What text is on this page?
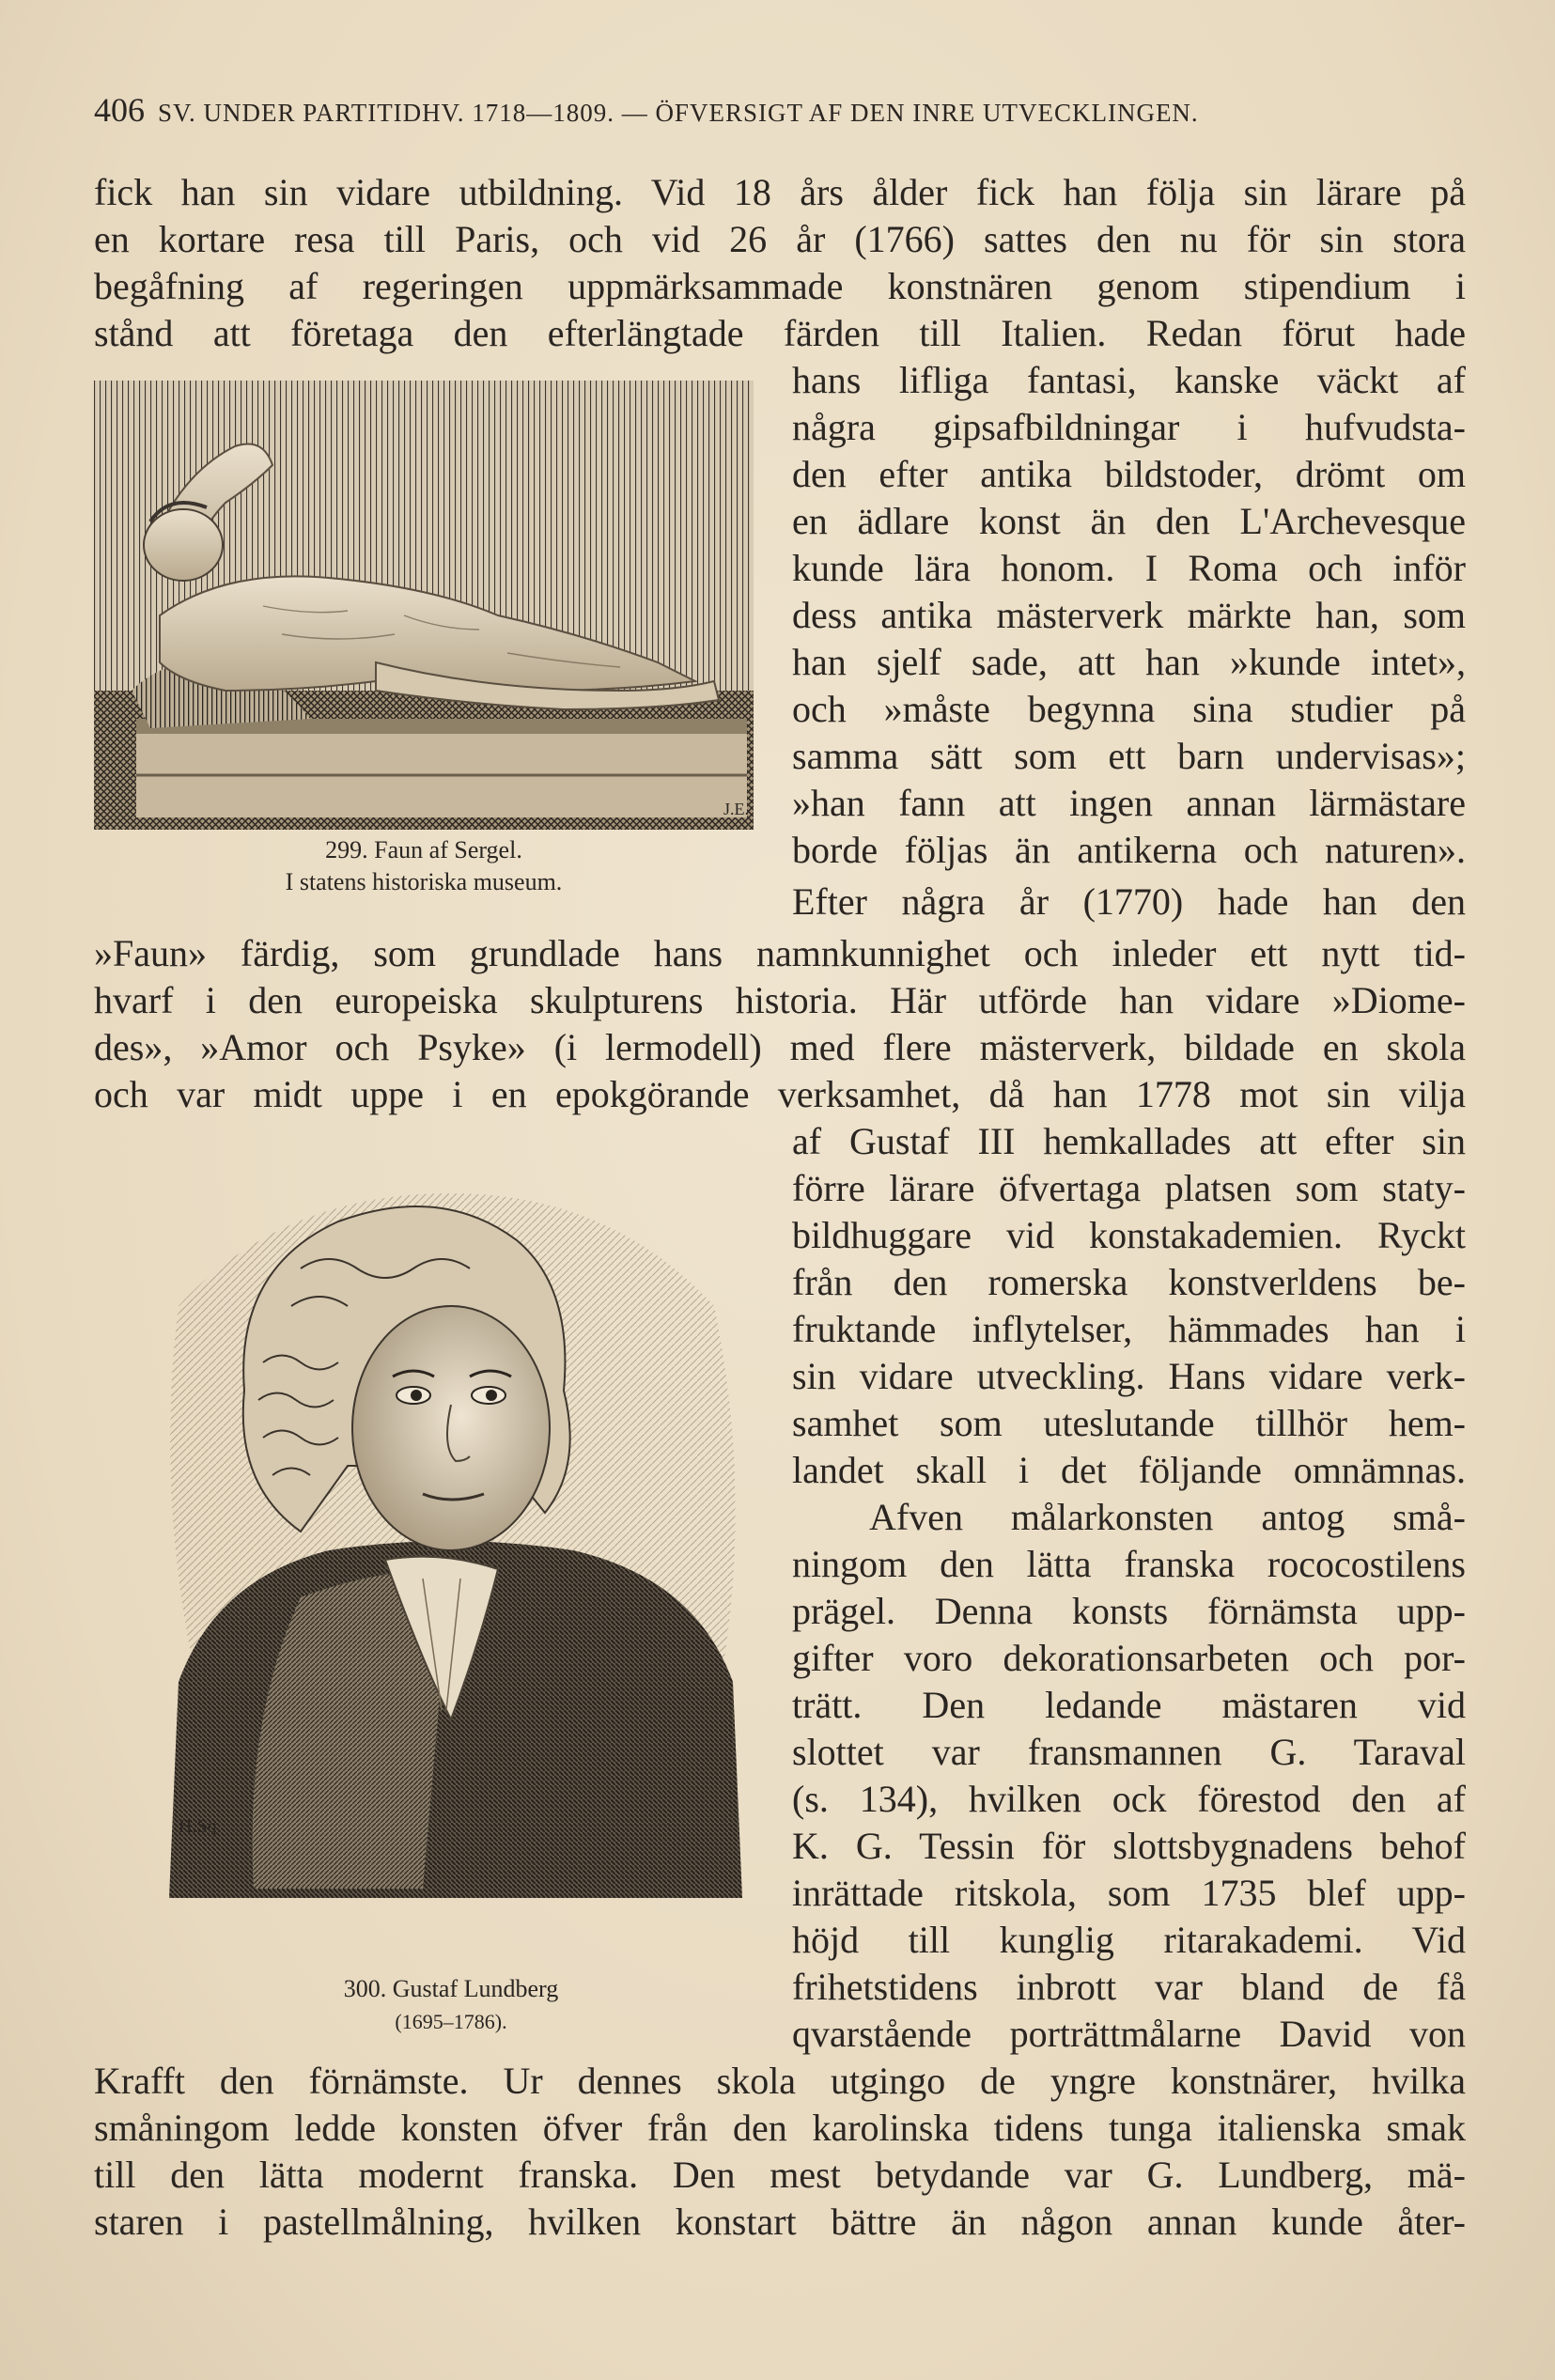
406 SV. UNDER PARTITIDHV. 1718—1809. — ÖFVERSIGT AF DEN INRE UTVECKLINGEN.
J.E.
299. Faun af Sergel.
I statens historiska museum.
H.Sq.
300. Gustaf Lundberg
(1695–1786).
fick han sin vidare utbildning. Vid 18 års ålder fick han följa sin lärare på
en kortare resa till Paris, och vid 26 år (1766) sattes den nu för sin stora
begåfning af regeringen uppmärksammade konstnären genom stipendium i
stånd att företaga den efterlängtade färden till Italien. Redan förut hade
hans lifliga fantasi, kanske väckt af
några gipsafbildningar i hufvudsta-
den efter antika bildstoder, drömt om
en ädlare konst än den L'Archevesque
kunde lära honom. I Roma och inför
dess antika mästerverk märkte han, som
han sjelf sade, att han »kunde intet»,
och »måste begynna sina studier på
samma sätt som ett barn undervisas»;
»han fann att ingen annan lärmästare
borde följas än antikerna och naturen».
Efter några år (1770) hade han den
»Faun» färdig, som grundlade hans namnkunnighet och inleder ett nytt tid-
hvarf i den europeiska skulpturens historia. Här utförde han vidare »Diome-
des», »Amor och Psyke» (i lermodell) med flere mästerverk, bildade en skola
och var midt uppe i en epokgörande verksamhet, då han 1778 mot sin vilja
af Gustaf III hemkallades att efter sin
förre lärare öfvertaga platsen som staty-
bildhuggare vid konstakademien. Ryckt
från den romerska konstverldens be-
fruktande inflytelser, hämmades han i
sin vidare utveckling. Hans vidare verk-
samhet som uteslutande tillhör hem-
landet skall i det följande omnämnas.
Afven målarkonsten antog små-
ningom den lätta franska rococostilens
prägel. Denna konsts förnämsta upp-
gifter voro dekorationsarbeten och por-
trätt. Den ledande mästaren vid
slottet var fransmannen G. Taraval
(s. 134), hvilken ock förestod den af
K. G. Tessin för slottsbygnadens behof
inrättade ritskola, som 1735 blef upp-
höjd till kunglig ritarakademi. Vid
frihetstidens inbrott var bland de få
qvarstående porträttmålarne David von
Krafft den förnämste. Ur dennes skola utgingo de yngre konstnärer, hvilka
småningom ledde konsten öfver från den karolinska tidens tunga italienska smak
till den lätta modernt franska. Den mest betydande var G. Lundberg, mä-
staren i pastellmålning, hvilken konstart bättre än någon annan kunde åter-
